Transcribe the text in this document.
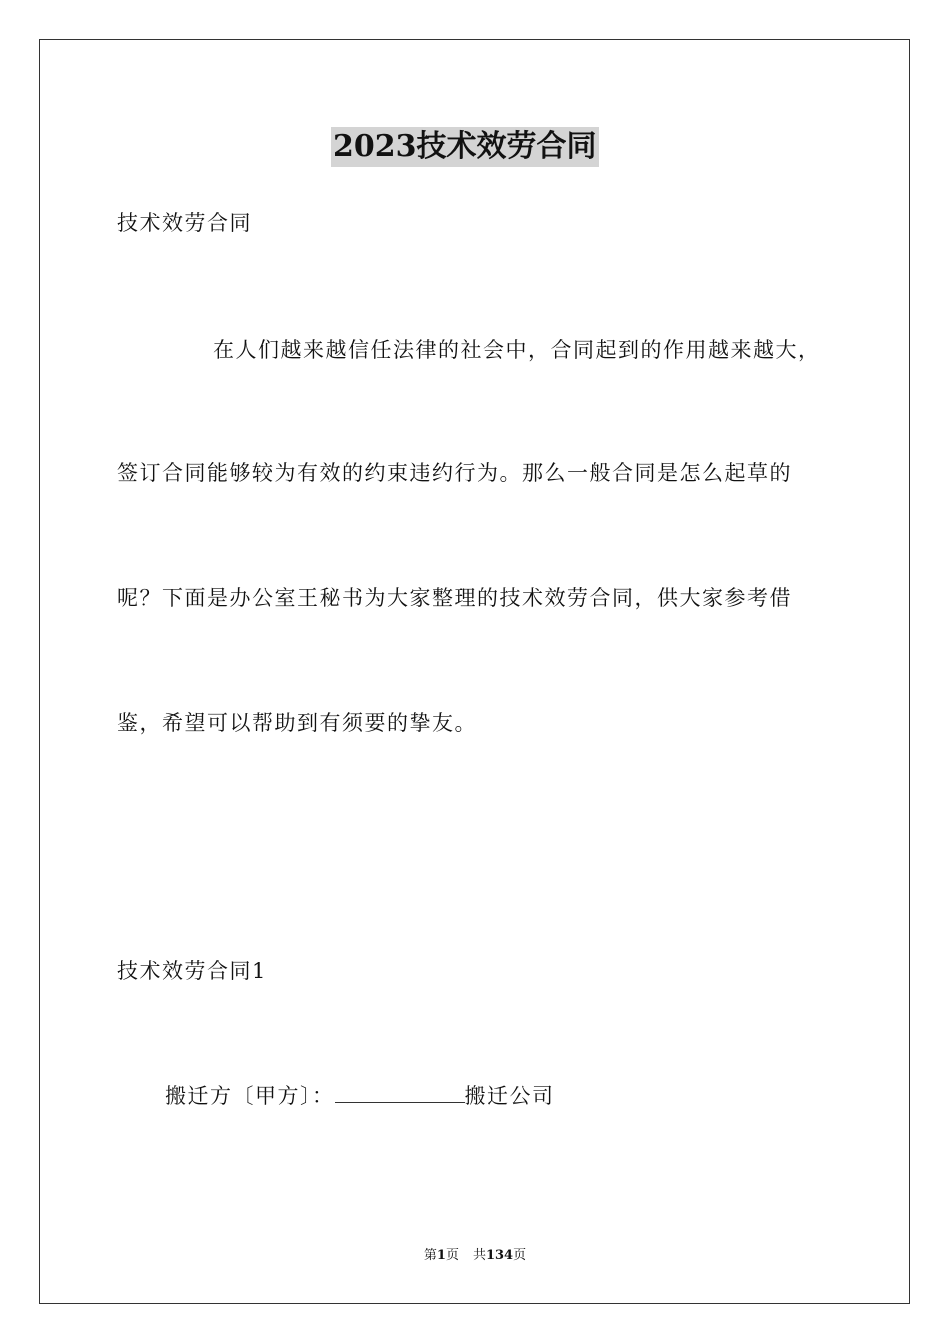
2023技术效劳合同
技术效劳合同
在人们越来越信任法律的社会中，合同起到的作用越来越大，
签订合同能够较为有效的约束违约行为。那么一般合同是怎么起草的
呢？下面是办公室王秘书为大家整理的技术效劳合同，供大家参考借
鉴，希望可以帮助到有须要的挚友。
技术效劳合同1
搬迁方〔甲方〕：	搬迁公司
第1页 共134页
